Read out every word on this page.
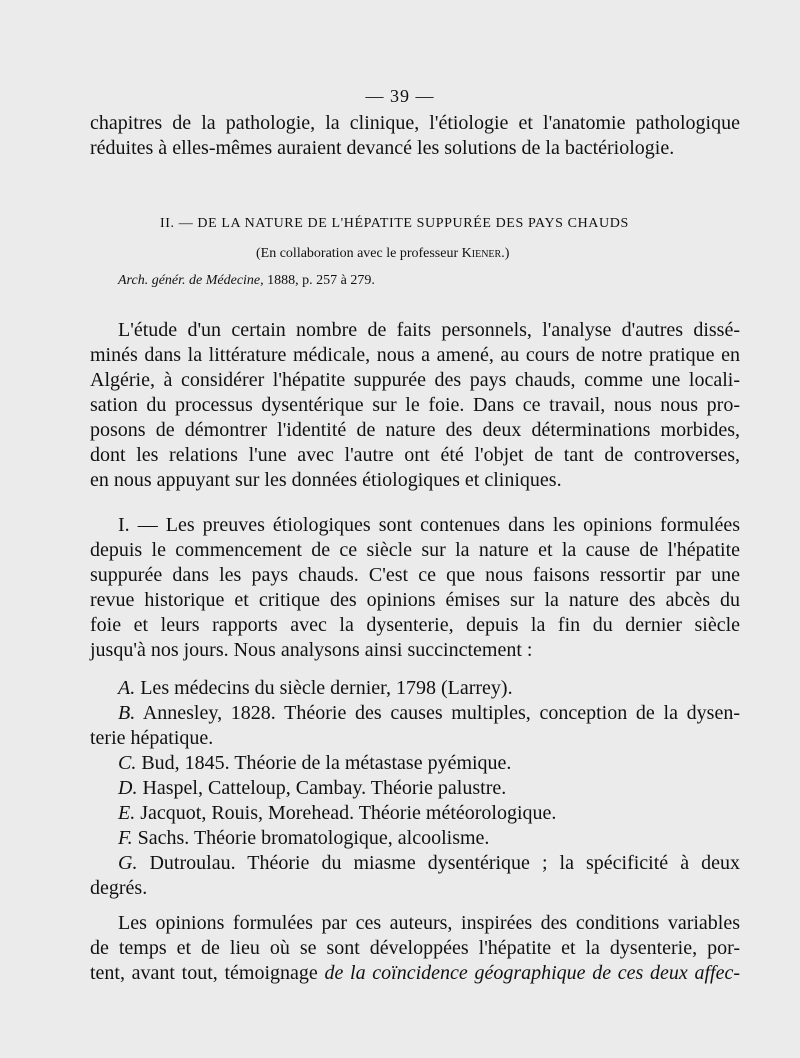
— 39 —
chapitres de la pathologie, la clinique, l'étiologie et l'anatomie pathologique
réduites à elles-mêmes auraient devancé les solutions de la bactériologie.
II. — DE LA NATURE DE L'HÉPATITE SUPPURÉE DES PAYS CHAUDS
(En collaboration avec le professeur Kiener.)
Arch. génér. de Médecine, 1888, p. 257 à 279.
L'étude d'un certain nombre de faits personnels, l'analyse d'autres dissé-
minés dans la littérature médicale, nous a amené, au cours de notre pratique en
Algérie, à considérer l'hépatite suppurée des pays chauds, comme une locali-
sation du processus dysentérique sur le foie. Dans ce travail, nous nous pro-
posons de démontrer l'identité de nature des deux déterminations morbides,
dont les relations l'une avec l'autre ont été l'objet de tant de controverses,
en nous appuyant sur les données étiologiques et cliniques.
I. — Les preuves étiologiques sont contenues dans les opinions formulées
depuis le commencement de ce siècle sur la nature et la cause de l'hépatite
suppurée dans les pays chauds. C'est ce que nous faisons ressortir par une
revue historique et critique des opinions émises sur la nature des abcès du
foie et leurs rapports avec la dysenterie, depuis la fin du dernier siècle
jusqu'à nos jours. Nous analysons ainsi succinctement :
A. Les médecins du siècle dernier, 1798 (Larrey).
B. Annesley, 1828. Théorie des causes multiples, conception de la dysen-
terie hépatique.
C. Bud, 1845. Théorie de la métastase pyémique.
D. Haspel, Catteloup, Cambay. Théorie palustre.
E. Jacquot, Rouis, Morehead. Théorie météorologique.
F. Sachs. Théorie bromatologique, alcoolisme.
G. Dutroulau. Théorie du miasme dysentérique ; la spécificité à deux
degrés.
Les opinions formulées par ces auteurs, inspirées des conditions variables
de temps et de lieu où se sont développées l'hépatite et la dysenterie, por-
tent, avant tout, témoignage de la coïncidence géographique de ces deux affec-
